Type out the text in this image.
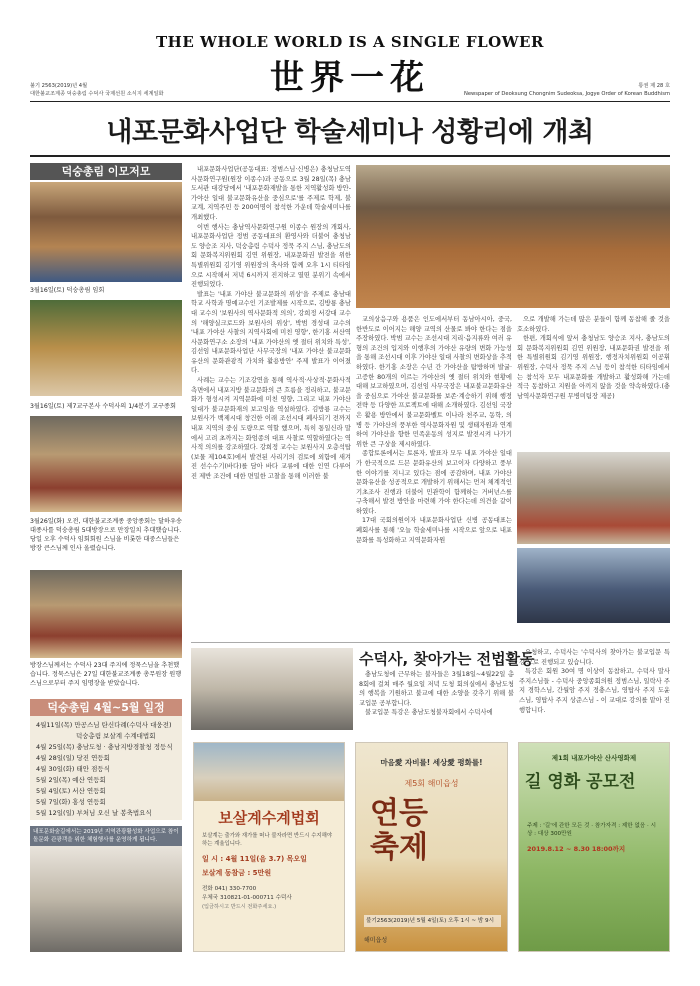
THE WHOLE WORLD IS A SINGLE FLOWER
世界一花
불기 2563(2019)년 4월
대한불교조계종 덕숭총림 수덕사 국제선원 소식지 세계일화
통권 제 28 호
Newspaper of Deoksung Chongnim Sudeoksa, Jogye Order of Korean Buddhism
내포문화사업단 학술세미나 성황리에 개최
덕숭총림 이모저모
3월16일(토) 덕숭총림 임회
3월16일(토) 제7교구본사 수덕사의 1/4분기 교구종회
3월26일(화) 오전, 대한불교조계종 중앙종회는 달하우송 대종사를 덕숭총림 5대방장으로 만장일치 추대했습니다. 당일 오후 수덕사 임회회원 스님을 비롯한 대중스님들은 방장 큰스님께 인사 올렸습니다.
방장스님께서는 수덕사 23대 주지에 정묵스님을 추천했습니다. 정묵스님은 27일 대한불교조계종 총무원장 원행스님으로부터 주지 임명장을 받았습니다.
덕숭총림 4월~5월 일정
4월11일(목) 만공스님 탄신다례(수덕사 대웅전)
덕숭총림 보살계 수계대법회
4월 25일(목) 충남도청 · 충남지방경찰청 정등식
4월 28일(일) 당진 연등회
4월 30일(화) 태안 점등식
5월 2일(목) 예산 연등회
5월 4일(토) 서산 연등회
5월 7일(화) 홍성 연등회
5월 12일(일) 부처님 오신 날 봉축법요식
내포문화숲길에서는 2019년 지역관광활성화 사업으로 참이돌문화 관광객을 위한 체험행사를 운영하게 됩니다.

내포문화사업단(공동대표: 정범스님·신병은) 충청남도역사문화연구원(원장 이종수)과 공동으로 3월 28일(목) 충남도서관 대강당에서 '내포문화재발을 통한 지역활성화 방안-가야산 일대 불교문화유산을 중심으로'를 주제로 학제, 불교계, 지역주민 등 200여명이 참석한 가운데 학술세미나를 개최했다.

이번 행사는 충남역사문화연구원 이종수 원장의 개회사, 내포문화사업단 정범 공동대표의 환영사와 더불어 충청남도 양승조 지사, 덕숭총림 수덕사 정묵 주지 스님, 충남도의회 문화복지위원회 김연 위원장, 내포문화권 발전을 위한 특별위원회 김기영 위원장의 축사와 함께 오후 1시 티타임으로 시작해서 저녁 6시까지 진지하고 열띤 분위기 속에서 진행되었다.

발표는 '내포 가야산 불교문화의 위상'을 주제로 충남대학교 사학과 명예교수인 기조발제를 시작으로, 김방룡 충남대 교수의 '보원사의 역사문화적 의의', 강희정 서강대 교수의 '해양실크로드와 보원사의 위상', 박범 경성대 교수의 '내포 가야산 사찰의 지역사회에 미친 영향', 한기홍 서산역사문화연구소 소장의 '내포 가야산의 옛 절터 위치와 특성', 김선임 내포문화사업단 사무국장의 '내포 가야산 불교문화유산의 문화관광적 가치와 활용방안' 주제 발표가 이어졌다.

사례는 교수는 기조강연을 통해 역사적·사상적·문화사적 측면에서 내포지방 불교문화의 큰 흐름을 정리하고, 불교문화가 형성시켜 지역문화에 미친 영향, 그리고 내포 가야산 일대가 불교문화재의 보고임을 역설하였다. 김방룡 교수는 보원사가 백제시대 창건한 이래 조선시대 폐사되기 전까지 내포 지역의 중심 도량으로 역할 했으며, 특히 통일신라 말에서 고려 초까지는 화엄종의 대표 사찰로 역할하였다는 역사적 의의를 강조하였다. 강희정 교수는 보원사지 오층석탑(보물 제104호)에서 발견된 사리기의 검토에 외함에 새겨진 선수수기(바다)를 담아 바다 교류에 대한 인연 다루어 진 제반 조건에 대한 면밀한 고찰을 통해 이러한 불

교의상음구와 용품은 인도에서부터 동남아시아, 중국, 한반도로 이어지는 해양 교역의 산물로 봐야 한다는 점을 주장하였다. 박범 교수는 조선시대 지리·음지류와 여러 유형의 조건의 입지와 이행후의 가야산 유량의 변화 가능성을 통해 조선시대 이후 가야산 일대 사찰의 변화상을 추적하였다. 한기홍 소장은 수년 간 가야산을 탐방하며 발굴·고증한 80개의 이르는 가야산의 옛 절터 위치와 현황에 대해 보고하였으며, 김선임 사무국장은 내포불교문화유산을 중심으로 가야산 불교문화를 보존·계승하기 위해 행정 전략 등 다양한 프로젝트에 대해 소개하였다. 김선임 국장은 활용 방안에서 불교문화벨트 이나라 천주교, 동학, 의병 등 가야산의 풍부한 역사문화자원 및 생태자원과 연계하여 가야산을 향한 민족운동의 성지로 발전시켜 나가기 위한 큰 구상을 제시하였다.

종합토론에서는 토론자, 발표자 모두 내포 가야산 일대가 한국적으로 드믄 문화유산의 보고이자 다양하고 풍부한 이야기를 지니고 있다는 점에 공감하며, 내포 가야산 문화유산을 성공적으로 개발하기 위해서는 먼저 체계적인 기초조사 진행과 더불어 민관학이 함께하는 거버넌스를 구축해서 발전 방안을 마련해 가야 한다는데 의견을 같이 하였다.

17대 국회의원이자 내포문화사업단 신병 공동대표는 폐회사를 통해 '오늘 학술세미나를 시작으로 앞으로 내포문화를 특성화하고 지역문화자원

으로 개발해 가는데 많은 분들이 함께 동참해 줄 것을 호소하였다.

한편, 개회식에 앞서 충청남도 양승조 지사, 충남도의회 문화복지위원회 김연 위원장, 내포문화권 발전을 위한 특별위원회 김기영 위원장, 행정자치위원회 이공휘 위원장, 수덕사 정묵 주지 스님 등이 참석한 티타임에서는 참석자 모두 내포문화를 개발하고 활성화해 가는데 적극 동참하고 지원을 아끼지 않을 것을 약속하였다.(충남역사문화연구원 무병미팀장 제공)

수덕사, 찾아가는 전법활동

충남도청에 근무하는 불자들은 3월18일~4월22일 총8회에 걸쳐 매주 월요일 저녁 도청 회의실에서 충남도청의 행복을 기원하고 불교에 대한 소양을 갖추기 위해 불교입문 공부합니다.

불교입문 특강은 충남도청불자회에서 수덕사에

요청하고, 수덕사는 '수덕사의 찾아가는 불교입문 특강'으로 진행되고 있습니다.

특강은 회원 30여 명 이상이 동참하고, 수덕사 말사 주지스님들 - 수덕사 중앙종회의원 정범스님, 일락사 주지 경학스님, 간월암 주지 정충스님, 영탑사 주지 도윤스님, 영탑사 주지 상준스님 - 이 교대로 강의를 맡아 진행합니다.

보살계수계법회
보살계는 출가와 재가를 떠나 불자라면 반드시 수지해야 하는 계율입니다.
일 시 : 4월 11일(음 3.7) 목오일
보살계 동참금 : 5만원
전화 041) 330-7700
우체국 310821-01-000711 수덕사
(입금하시고 반드시 전화주세요.)
마음愛 자비를! 세상愛 평화를!
제5회 해미읍성
연등축제
불기2563(2019)년 5월 4일(토) 오후 1시 ~ 밤 9시
해미읍성
제1회 내포가야산 산사영화제
길 영화 공모전
주제 : '길'에 관한 모든 것 · 참가자격 : 제한 없음 · 시상 : 대상 300만원
2019.8.12 ~ 8.30 18:00까지
